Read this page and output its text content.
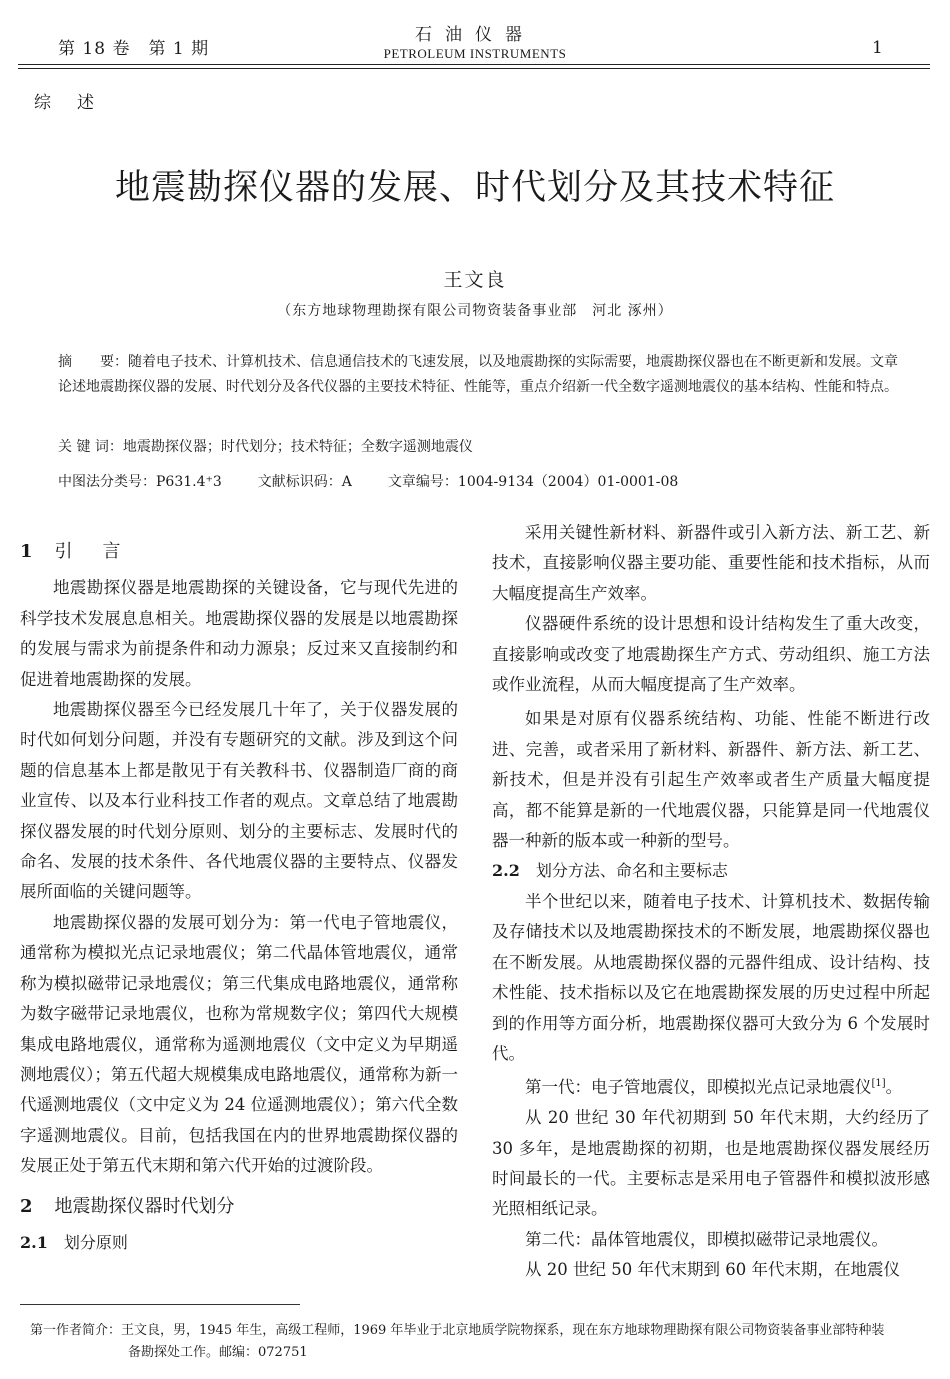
第 18 卷　第 1 期
石油仪器
PETROLEUM INSTRUMENTS	1
综述
地震勘探仪器的发展、时代划分及其技术特征
王文良
（东方地球物理勘探有限公司物资装备事业部　河北 涿州）
摘　　要：随着电子技术、计算机技术、信息通信技术的飞速发展，以及地震勘探的实际需要，地震勘探仪器也在不断更新和发展。文章论述地震勘探仪器的发展、时代划分及各代仪器的主要技术特征、性能等，重点介绍新一代全数字遥测地震仪的基本结构、性能和特点。
关 键 词：地震勘探仪器；时代划分；技术特征；全数字遥测地震仪
中图法分类号：P631.4⁺3	文献标识码：A	文章编号：1004-9134（2004）01-0001-08
1 引　言

地震勘探仪器是地震勘探的关键设备，它与现代先进的科学技术发展息息相关。地震勘探仪器的发展是以地震勘探的发展与需求为前提条件和动力源泉；反过来又直接制约和促进着地震勘探的发展。

地震勘探仪器至今已经发展几十年了，关于仪器发展的时代如何划分问题，并没有专题研究的文献。涉及到这个问题的信息基本上都是散见于有关教科书、仪器制造厂商的商业宣传、以及本行业科技工作者的观点。文章总结了地震勘探仪器发展的时代划分原则、划分的主要标志、发展时代的命名、发展的技术条件、各代地震仪器的主要特点、仪器发展所面临的关键问题等。

地震勘探仪器的发展可划分为：第一代电子管地震仪，通常称为模拟光点记录地震仪；第二代晶体管地震仪，通常称为模拟磁带记录地震仪；第三代集成电路地震仪，通常称为数字磁带记录地震仪，也称为常规数字仪；第四代大规模集成电路地震仪，通常称为遥测地震仪（文中定义为早期遥测地震仪）；第五代超大规模集成电路地震仪，通常称为新一代遥测地震仪（文中定义为 24 位遥测地震仪）；第六代全数字遥测地震仪。目前，包括我国在内的世界地震勘探仪器的发展正处于第五代末期和第六代开始的过渡阶段。

2 地震勘探仪器时代划分
2.1 划分原则

采用关键性新材料、新器件或引入新方法、新工艺、新技术，直接影响仪器主要功能、重要性能和技术指标，从而大幅度提高生产效率。

仪器硬件系统的设计思想和设计结构发生了重大改变，直接影响或改变了地震勘探生产方式、劳动组织、施工方法或作业流程，从而大幅度提高了生产效率。

如果是对原有仪器系统结构、功能、性能不断进行改进、完善，或者采用了新材料、新器件、新方法、新工艺、新技术，但是并没有引起生产效率或者生产质量大幅度提高，都不能算是新的一代地震仪器，只能算是同一代地震仪器一种新的版本或一种新的型号。

2.2 划分方法、命名和主要标志

半个世纪以来，随着电子技术、计算机技术、数据传输及存储技术以及地震勘探技术的不断发展，地震勘探仪器也在不断发展。从地震勘探仪器的元器件组成、设计结构、技术性能、技术指标以及它在地震勘探发展的历史过程中所起到的作用等方面分析，地震勘探仪器可大致分为 6 个发展时代。

第一代：电子管地震仪，即模拟光点记录地震仪[1]。

从 20 世纪 30 年代初期到 50 年代末期，大约经历了 30 多年，是地震勘探的初期，也是地震勘探仪器发展经历时间最长的一代。主要标志是采用电子管器件和模拟波形感光照相纸记录。

第二代：晶体管地震仪，即模拟磁带记录地震仪。

从 20 世纪 50 年代末期到 60 年代末期，在地震仪

第一作者简介：王文良，男，1945 年生，高级工程师，1969 年毕业于北京地质学院物探系，现在东方地球物理勘探有限公司物资装备事业部特种装
备勘探处工作。邮编：072751
